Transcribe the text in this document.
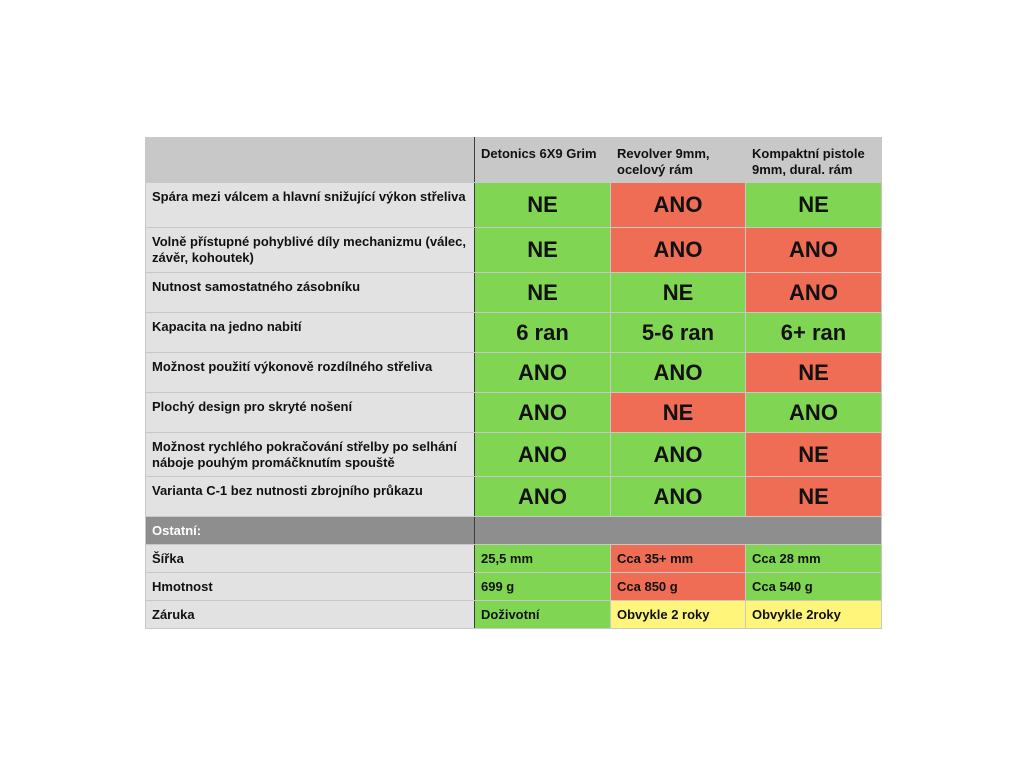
	Detonics 6X9 Grim	Revolver 9mm, ocelový rám	Kompaktní pistole 9mm, dural. rám
Spára mezi válcem a hlavní snižující výkon střeliva	NE	ANO	NE
Volně přístupné pohyblivé díly mechanizmu (válec, závěr, kohoutek)	NE	ANO	ANO
Nutnost samostatného zásobníku	NE	NE	ANO
Kapacita na jedno nabití	6 ran	5-6 ran	6+ ran
Možnost použití výkonově rozdílného střeliva	ANO	ANO	NE
Plochý design pro skryté nošení	ANO	NE	ANO
Možnost rychlého pokračování střelby po selhání náboje pouhým promáčknutím spouště	ANO	ANO	NE
Varianta C-1 bez nutnosti zbrojního průkazu	ANO	ANO	NE
Ostatní:			
Šířka	25,5 mm	Cca 35+ mm	Cca 28 mm
Hmotnost	699 g	Cca 850 g	Cca 540 g
Záruka	Doživotní	Obvykle 2 roky	Obvykle 2roky
